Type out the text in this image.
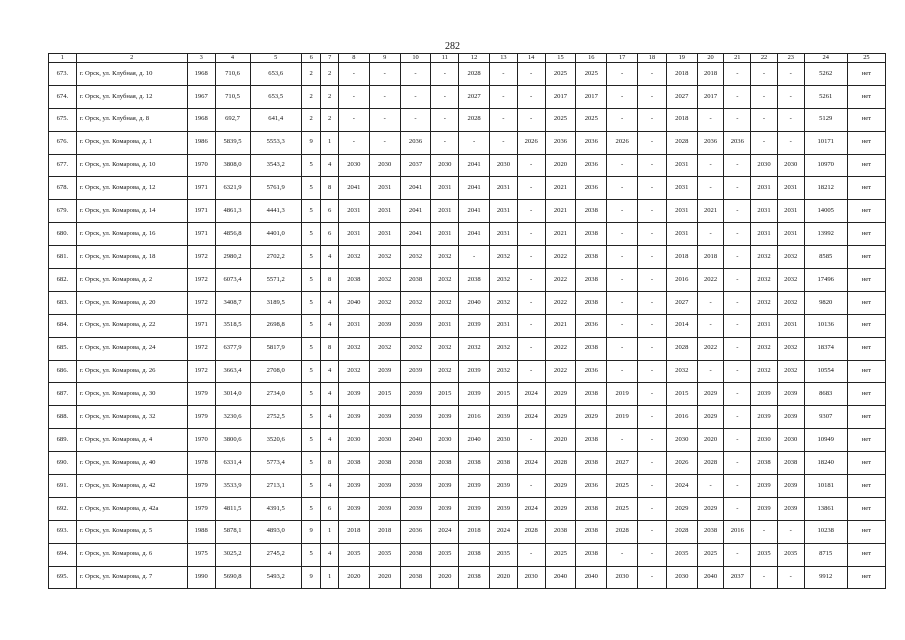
282
1	2	3	4	5	6	7	8	9	10	11	12	13	14	15	16	17	18	19	20	21	22	23	24	25
673.	г. Орск, ул. Клубная, д. 10	1968	710,6	653,6	2	2	-	-	-	-	2028	-	-	2025	2025	-	-	2018	2018	-	-	-	5262	нет
674.	г. Орск, ул. Клубная, д. 12	1967	710,5	653,5	2	2	-	-	-	-	2027	-	-	2017	2017	-	-	2027	2017	-	-	-	5261	нет
675.	г. Орск, ул. Клубная, д. 8	1968	692,7	641,4	2	2	-	-	-	-	2028	-	-	2025	2025	-	-	2018	-	-	-	-	5129	нет
676.	г. Орск, ул. Комарова, д. 1	1986	5839,5	5553,3	9	1	-	-	2036	-	-	-	2026	2036	2036	2026	-	2028	2036	2036	-	-	10171	нет
677.	г. Орск, ул. Комарова, д. 10	1970	3808,0	3543,2	5	4	2030	2030	2037	2030	2041	2030	-	2020	2036	-	-	2031	-	-	2030	2030	10970	нет
678.	г. Орск, ул. Комарова, д. 12	1971	6321,9	5761,9	5	8	2041	2031	2041	2031	2041	2031	-	2021	2036	-	-	2031	-	-	2031	2031	18212	нет
679.	г. Орск, ул. Комарова, д. 14	1971	4861,3	4441,3	5	6	2031	2031	2041	2031	2041	2031	-	2021	2038	-	-	2031	2021	-	2031	2031	14005	нет
680.	г. Орск, ул. Комарова, д. 16	1971	4856,8	4401,0	5	6	2031	2031	2041	2031	2041	2031	-	2021	2038	-	-	2031	-	-	2031	2031	13992	нет
681.	г. Орск, ул. Комарова, д. 18	1972	2980,2	2702,2	5	4	2032	2032	2032	2032	-	2032	-	2022	2038	-	-	2018	2018	-	2032	2032	8585	нет
682.	г. Орск, ул. Комарова, д. 2	1972	6073,4	5571,2	5	8	2038	2032	2038	2032	2038	2032	-	2022	2038	-	-	2016	2022	-	2032	2032	17496	нет
683.	г. Орск, ул. Комарова, д. 20	1972	3408,7	3189,5	5	4	2040	2032	2032	2032	2040	2032	-	2022	2038	-	-	2027	-	-	2032	2032	9820	нет
684.	г. Орск, ул. Комарова, д. 22	1971	3518,5	2698,8	5	4	2031	2039	2039	2031	2039	2031	-	2021	2036	-	-	2014	-	-	2031	2031	10136	нет
685.	г. Орск, ул. Комарова, д. 24	1972	6377,9	5817,9	5	8	2032	2032	2032	2032	2032	2032	-	2022	2038	-	-	2028	2022	-	2032	2032	18374	нет
686.	г. Орск, ул. Комарова, д. 26	1972	3663,4	2708,0	5	4	2032	2039	2039	2032	2039	2032	-	2022	2036	-	-	2032	-	-	2032	2032	10554	нет
687.	г. Орск, ул. Комарова, д. 30	1979	3014,0	2734,0	5	4	2039	2015	2039	2015	2039	2015	2024	2029	2038	2019	-	2015	2029	-	2039	2039	8683	нет
688.	г. Орск, ул. Комарова, д. 32	1979	3230,6	2752,5	5	4	2039	2039	2039	2039	2016	2039	2024	2029	2029	2019	-	2016	2029	-	2039	2039	9307	нет
689.	г. Орск, ул. Комарова, д. 4	1970	3800,6	3520,6	5	4	2030	2030	2040	2030	2040	2030	-	2020	2038	-	-	2030	2020	-	2030	2030	10949	нет
690.	г. Орск, ул. Комарова, д. 40	1978	6331,4	5773,4	5	8	2038	2038	2038	2038	2038	2038	2024	2028	2038	2027	-	2026	2028	-	2038	2038	18240	нет
691.	г. Орск, ул. Комарова, д. 42	1979	3533,9	2713,1	5	4	2039	2039	2039	2039	2039	2039	-	2029	2036	2025	-	2024	-	-	2039	2039	10181	нет
692.	г. Орск, ул. Комарова, д. 42а	1979	4811,5	4391,5	5	6	2039	2039	2039	2039	2039	2039	2024	2029	2038	2025	-	2029	2029	-	2039	2039	13861	нет
693.	г. Орск, ул. Комарова, д. 5	1988	5878,1	4893,0	9	1	2018	2018	2036	2024	2018	2024	2028	2038	2038	2028	-	2028	2038	2016	-	-	10238	нет
694.	г. Орск, ул. Комарова, д. 6	1975	3025,2	2745,2	5	4	2035	2035	2038	2035	2038	2035	-	2025	2038	-	-	2035	2025	-	2035	2035	8715	нет
695.	г. Орск, ул. Комарова, д. 7	1990	5690,8	5493,2	9	1	2020	2020	2038	2020	2038	2020	2030	2040	2040	2030	-	2030	2040	2037	-	-	9912	нет
